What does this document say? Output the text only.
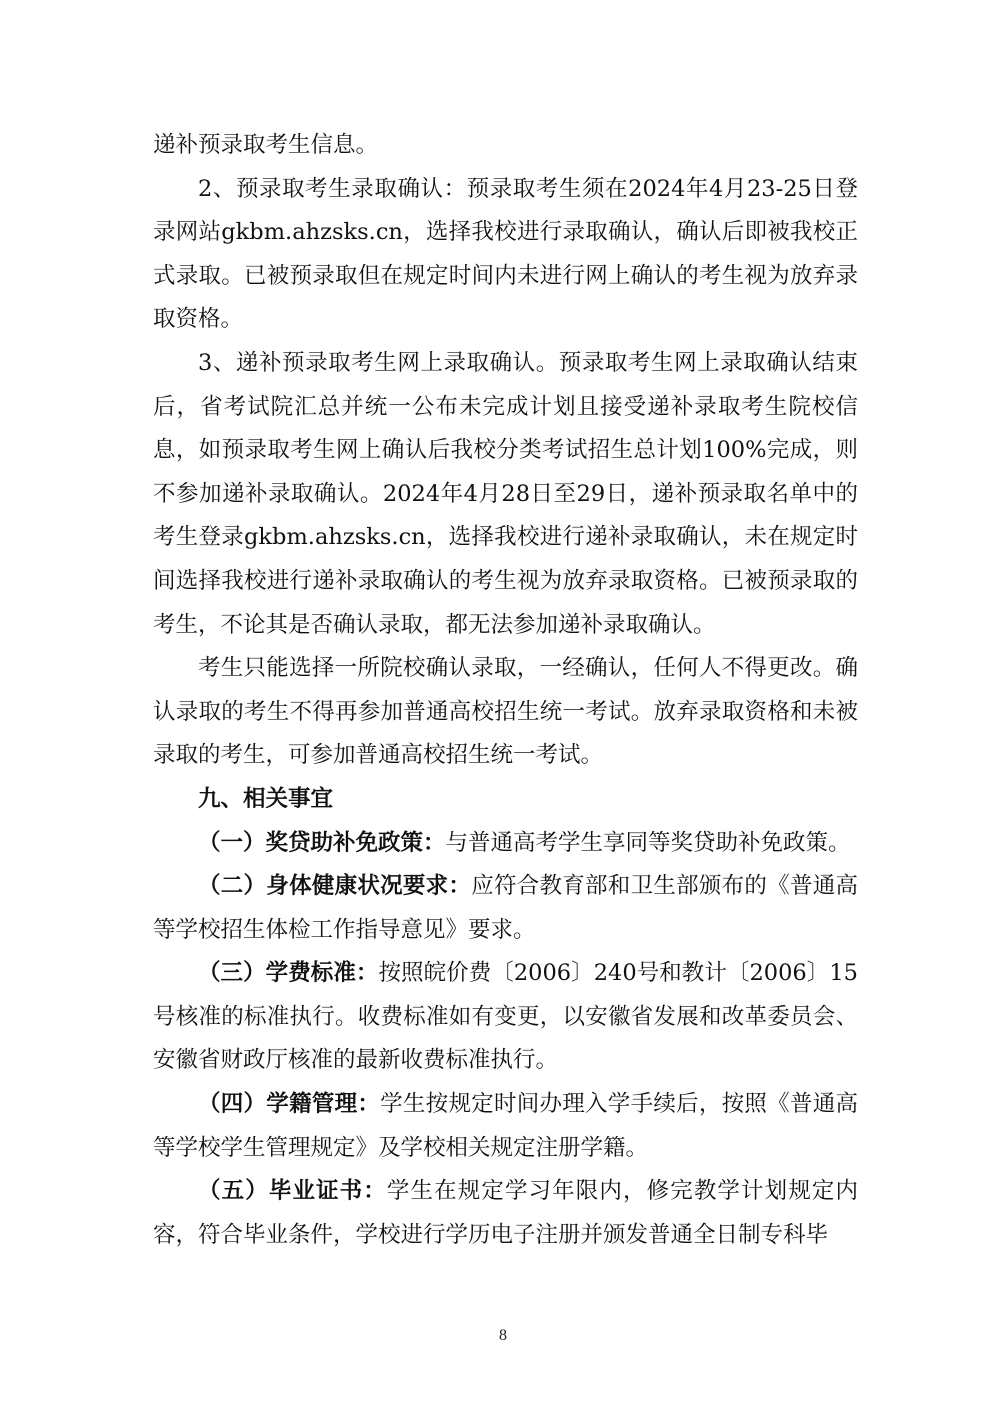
递补预录取考生信息。

2、预录取考生录取确认：预录取考生须在2024年4月23-25日登录网站gkbm.ahzsks.cn，选择我校进行录取确认，确认后即被我校正式录取。已被预录取但在规定时间内未进行网上确认的考生视为放弃录取资格。

3、递补预录取考生网上录取确认。预录取考生网上录取确认结束后，省考试院汇总并统一公布未完成计划且接受递补录取考生院校信息，如预录取考生网上确认后我校分类考试招生总计划100%完成，则不参加递补录取确认。2024年4月28日至29日，递补预录取名单中的考生登录gkbm.ahzsks.cn，选择我校进行递补录取确认，未在规定时间选择我校进行递补录取确认的考生视为放弃录取资格。已被预录取的考生，不论其是否确认录取，都无法参加递补录取确认。

考生只能选择一所院校确认录取，一经确认，任何人不得更改。确认录取的考生不得再参加普通高校招生统一考试。放弃录取资格和未被录取的考生，可参加普通高校招生统一考试。

九、相关事宜

（一）奖贷助补免政策：与普通高考学生享同等奖贷助补免政策。

（二）身体健康状况要求：应符合教育部和卫生部颁布的《普通高等学校招生体检工作指导意见》要求。

（三）学费标准：按照皖价费〔2006〕240号和教计〔2006〕15号核准的标准执行。收费标准如有变更，以安徽省发展和改革委员会、安徽省财政厅核准的最新收费标准执行。

（四）学籍管理：学生按规定时间办理入学手续后，按照《普通高等学校学生管理规定》及学校相关规定注册学籍。

（五）毕业证书：学生在规定学习年限内，修完教学计划规定内容，符合毕业条件，学校进行学历电子注册并颁发普通全日制专科毕

8
